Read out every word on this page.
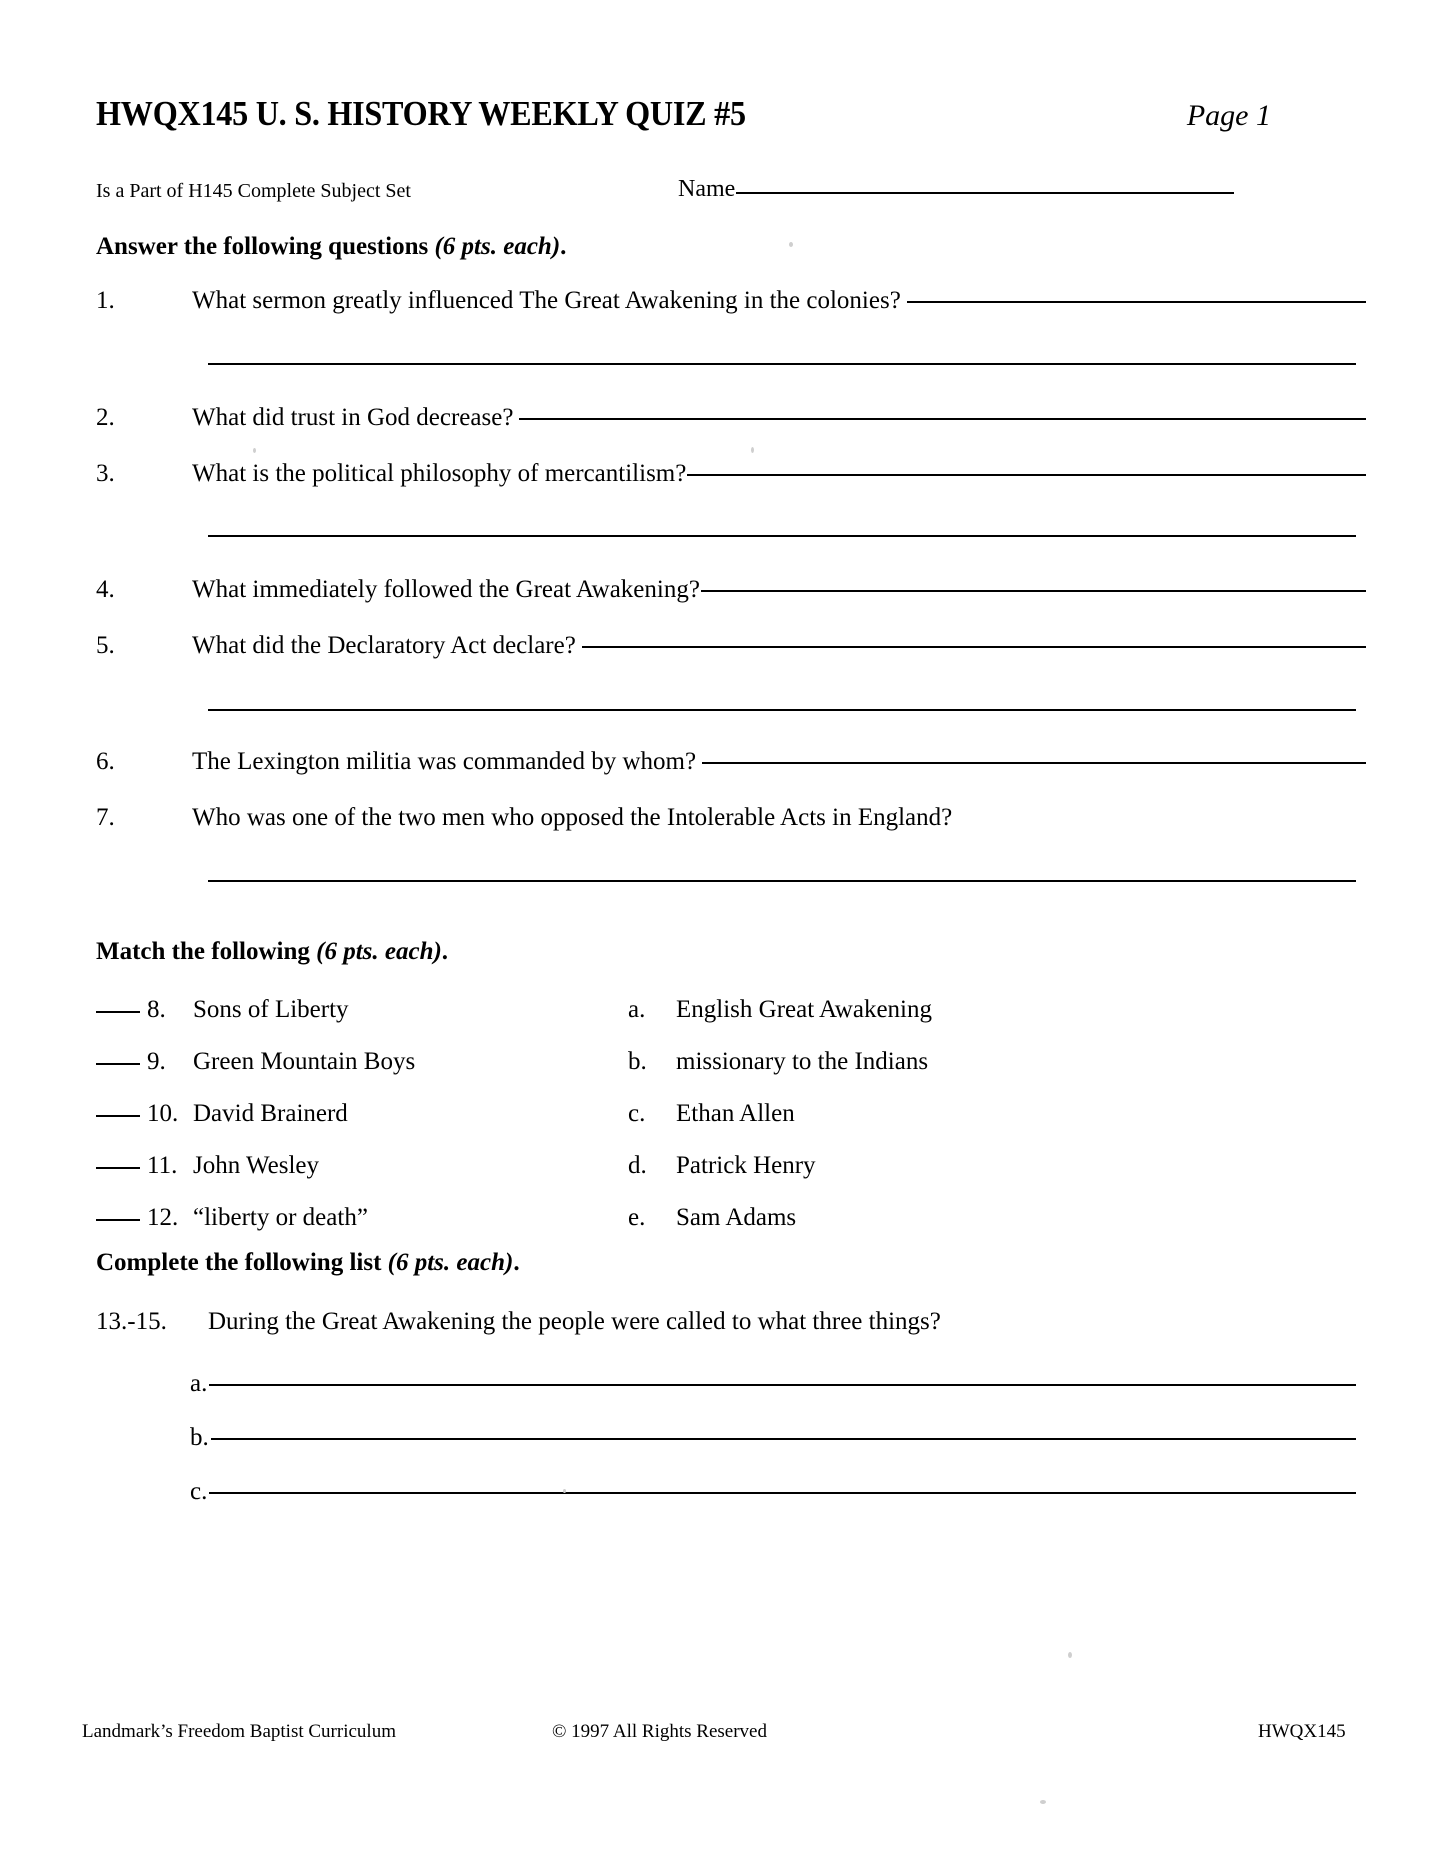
HWQX145 U. S. HISTORY WEEKLY QUIZ #5	Page 1
Is a Part of H145 Complete Subject Set	Name
Answer the following questions (6 pts. each).
1.	What sermon greatly influenced The Great Awakening in the colonies?
2.	What did trust in God decrease?
3.	What is the political philosophy of mercantilism?
4.	What immediately followed the Great Awakening?
5.	What did the Declaratory Act declare?
6.	The Lexington militia was commanded by whom?
7.	Who was one of the two men who opposed the Intolerable Acts in England?
Match the following (6 pts. each).
8.	Sons of Liberty	a.	English Great Awakening
9.	Green Mountain Boys	b.	missionary to the Indians
10. David Brainerd	c.	Ethan Allen
11. John Wesley	d.	Patrick Henry
12. “liberty or death”	e.	Sam Adams
Complete the following list (6 pts. each).
13.-15.	During the Great Awakening the people were called to what three things?
a.
b.
c.
Landmark’s Freedom Baptist Curriculum	© 1997 All Rights Reserved	HWQX145
